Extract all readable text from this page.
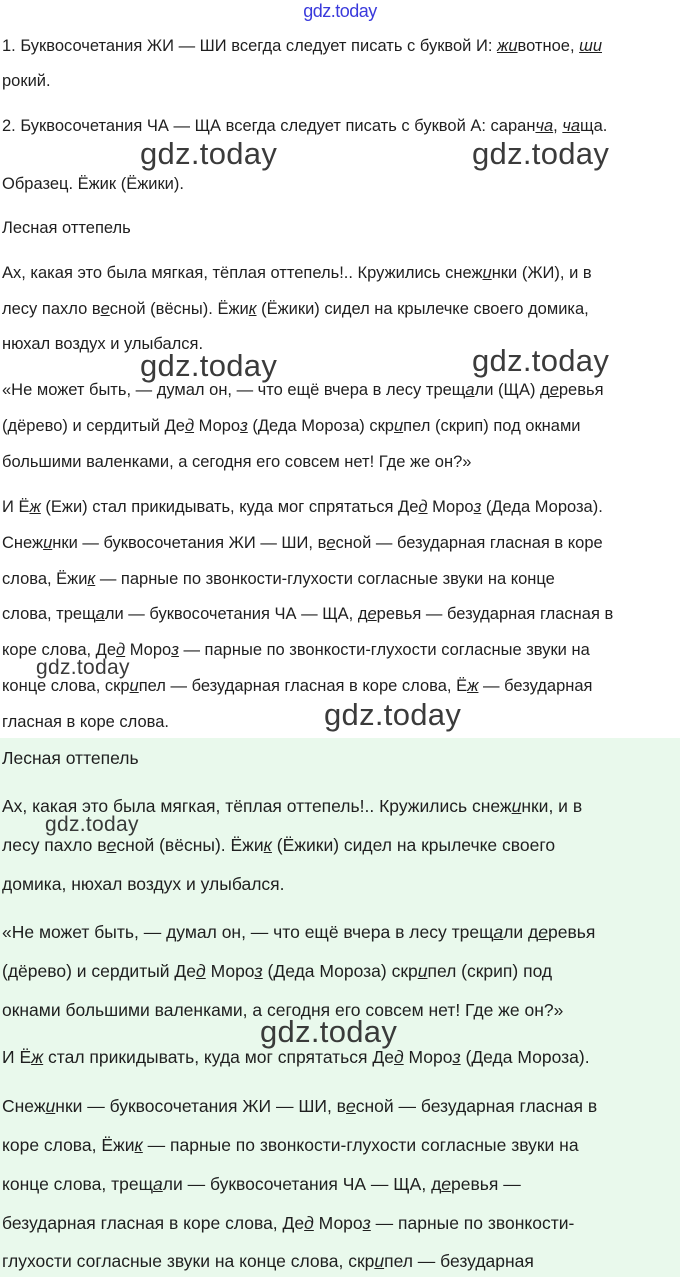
gdz.today
1. Буквосочетания ЖИ — ШИ всегда следует писать с буквой И: животное, ши
рокий.
2. Буквосочетания ЧА — ЩА всегда следует писать с буквой А: саранча, чаща.
Образец. Ёжик (Ёжики).
Лесная оттепель
Ах, какая это была мягкая, тёплая оттепель!.. Кружились снежинки (ЖИ), и в
лесу пахло весной (вёсны). Ёжик (Ёжики) сидел на крылечке своего домика,
нюхал воздух и улыбался.
«Не может быть, — думал он, — что ещё вчера в лесу трещали (ЩА) деревья
(дёрево) и сердитый Дед Мороз (Деда Мороза) скрипел (скрип) под окнами
большими валенками, а сегодня его совсем нет! Где же он?»
И Ёж (Ежи) стал прикидывать, куда мог спрятаться Дед Мороз (Деда Мороза).
Снежинки — буквосочетания ЖИ — ШИ, весной — безударная гласная в коре
слова, Ёжик — парные по звонкости-глухости согласные звуки на конце
слова, трещали — буквосочетания ЧА — ЩА, деревья — безударная гласная в
коре слова, Дед Мороз — парные по звонкости-глухости согласные звуки на
конце слова, скрипел — безударная гласная в коре слова, Ёж — безударная
гласная в коре слова.
Лесная оттепель
Ах, какая это была мягкая, тёплая оттепель!.. Кружились снежинки, и в
лесу пахло весной (вёсны). Ёжик (Ёжики) сидел на крылечке своего
домика, нюхал воздух и улыбался.
«Не может быть, — думал он, — что ещё вчера в лесу трещали деревья
(дёрево) и сердитый Дед Мороз (Деда Мороза) скрипел (скрип) под
окнами большими валенками, а сегодня его совсем нет! Где же он?»
И Ёж стал прикидывать, куда мог спрятаться Дед Мороз (Деда Мороза).
Снежинки — буквосочетания ЖИ — ШИ, весной — безударная гласная в
коре слова, Ёжик — парные по звонкости-глухости согласные звуки на
конце слова, трещали — буквосочетания ЧА — ЩА, деревья —
безударная гласная в коре слова, Дед Мороз — парные по звонкости-
глухости согласные звуки на конце слова, скрипел — безударная
gdz.today	gdz.today
gdz.today	gdz.today
gdz.today
gdz.today
gdz.today
gdz.today
